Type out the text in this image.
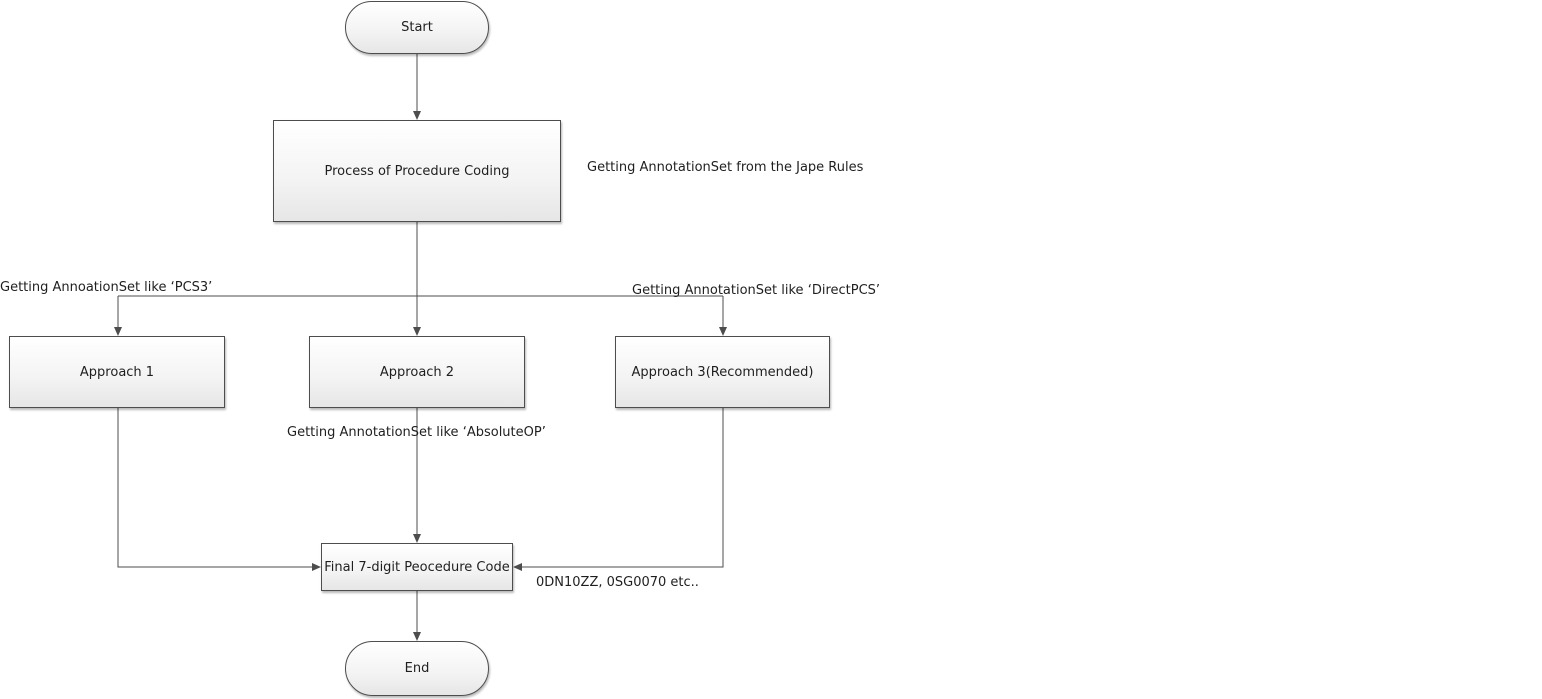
Start
Process of Procedure Coding	Getting AnnotationSet from the Jape Rules
Getting AnnoationSet like ‘PCS3’	Getting AnnotationSet like ‘DirectPCS’
Approach 1	Approach 2	Approach 3(Recommended)
Getting AnnotationSet like ‘AbsoluteOP’
Final 7-digit Peocedure Code
0DN10ZZ, 0SG0070 etc..
End
